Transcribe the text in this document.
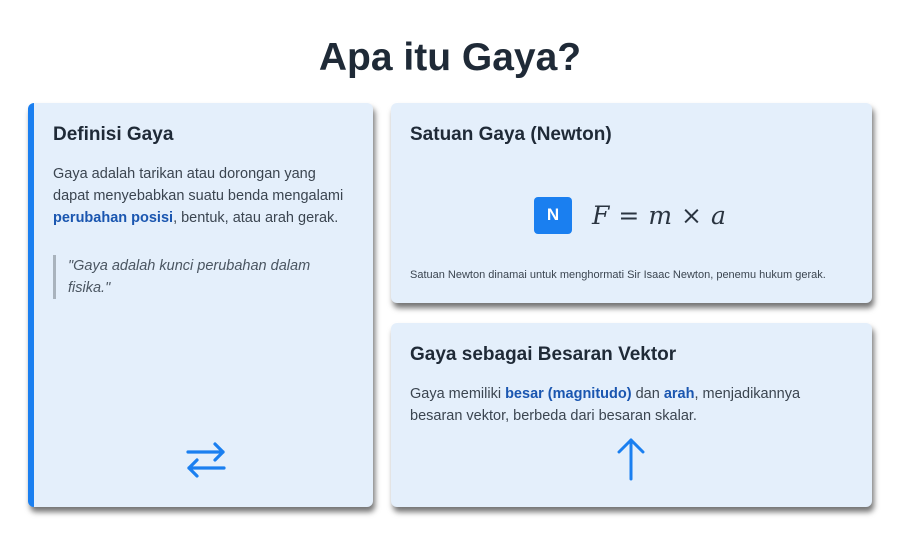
Apa itu Gaya?
Definisi Gaya

Gaya adalah tarikan atau dorongan yang dapat menyebabkan suatu benda mengalami perubahan posisi, bentuk, atau arah gerak.

"Gaya adalah kunci perubahan dalam fisika."
Satuan Gaya (Newton)
N	F = m × a
Satuan Newton dinamai untuk menghormati Sir Isaac Newton, penemu hukum gerak.
Gaya sebagai Besaran Vektor

Gaya memiliki besar (magnitudo) dan arah, menjadikannya besaran vektor, berbeda dari besaran skalar.
